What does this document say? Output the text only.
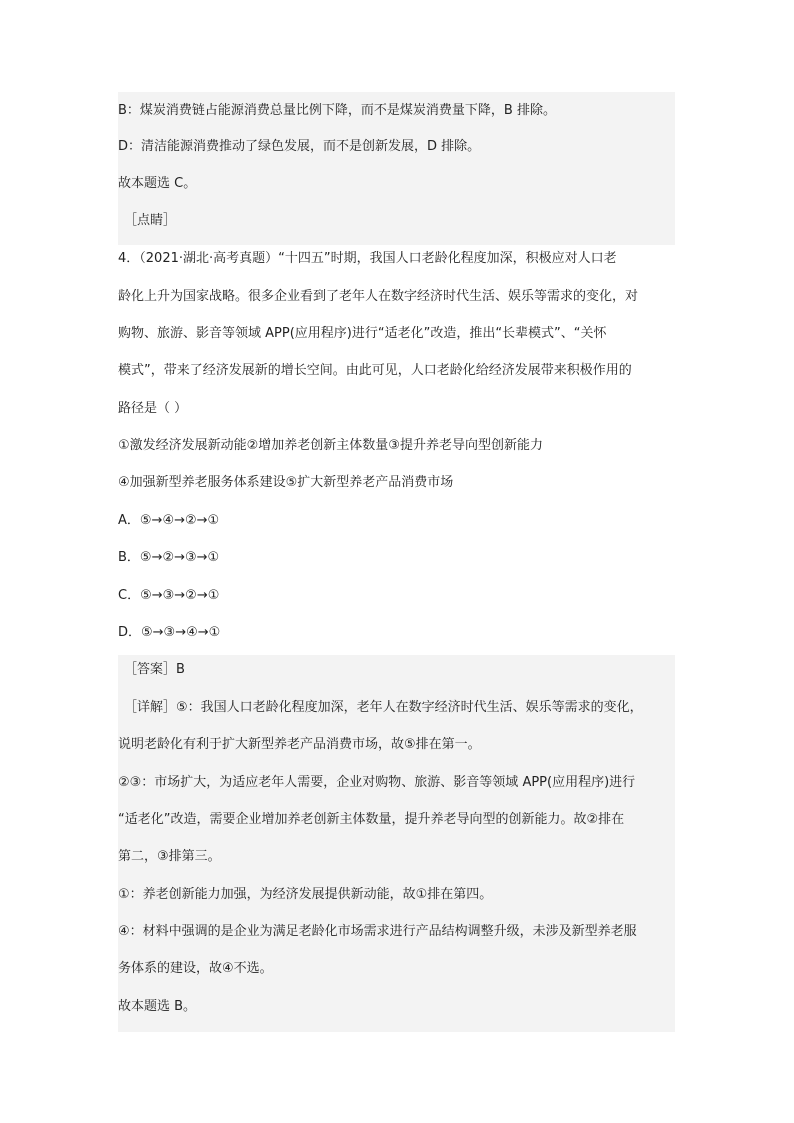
B：煤炭消费链占能源消费总量比例下降，而不是煤炭消费量下降，B 排除。
D：清洁能源消费推动了绿色发展，而不是创新发展，D 排除。
故本题选 C。
［点睛］
4．（2021·湖北·高考真题）“十四五”时期，我国人口老龄化程度加深，积极应对人口老
龄化上升为国家战略。很多企业看到了老年人在数字经济时代生活、娱乐等需求的变化，对
购物、旅游、影音等领域 APP(应用程序)进行“适老化”改造，推出“长辈模式”、“关怀
模式”，带来了经济发展新的增长空间。由此可见，人口老龄化给经济发展带来积极作用的
路径是（ ）
①激发经济发展新动能②增加养老创新主体数量③提升养老导向型创新能力
④加强新型养老服务体系建设⑤扩大新型养老产品消费市场
A．⑤→④→②→①
B．⑤→②→③→①
C．⑤→③→②→①
D．⑤→③→④→①
［答案］B
［详解］⑤：我国人口老龄化程度加深，老年人在数字经济时代生活、娱乐等需求的变化，
说明老龄化有利于扩大新型养老产品消费市场，故⑤排在第一。
②③：市场扩大，为适应老年人需要，企业对购物、旅游、影音等领域 APP(应用程序)进行
“适老化”改造，需要企业增加养老创新主体数量，提升养老导向型的创新能力。故②排在
第二，③排第三。
①：养老创新能力加强，为经济发展提供新动能，故①排在第四。
④：材料中强调的是企业为满足老龄化市场需求进行产品结构调整升级，未涉及新型养老服
务体系的建设，故④不选。
故本题选 B。
